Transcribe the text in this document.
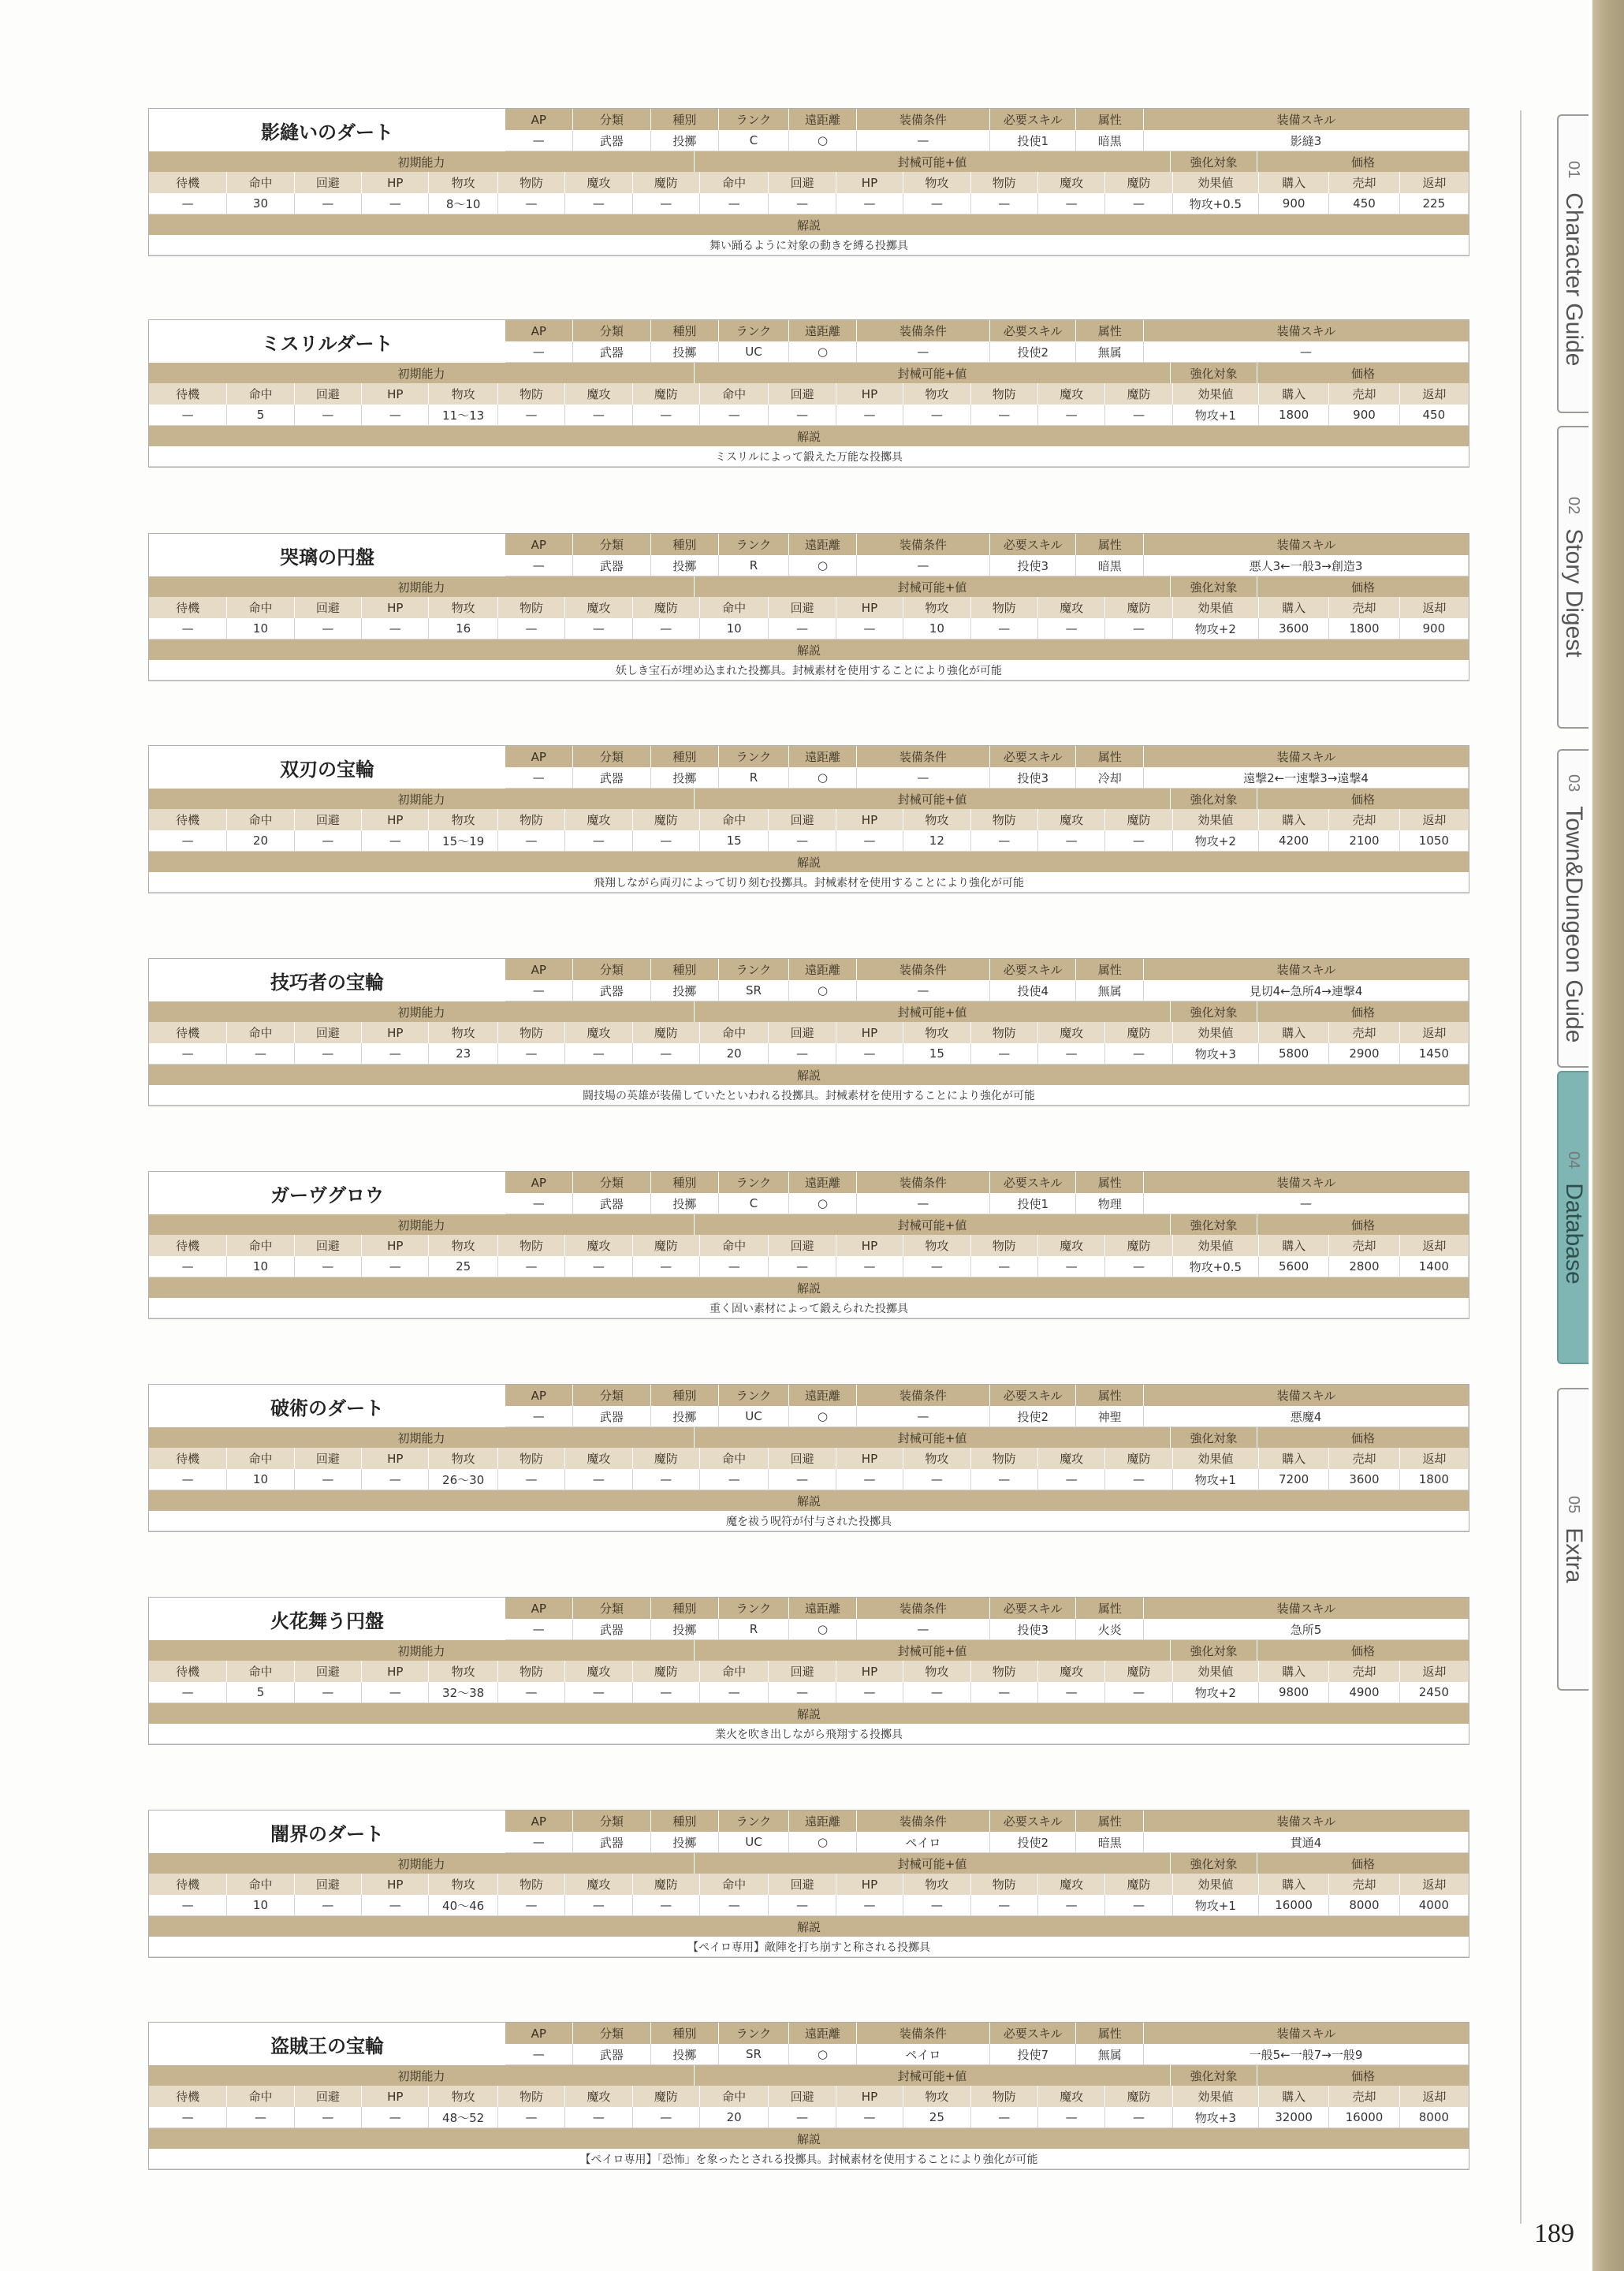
01Character Guide
02Story Digest
03Town&Dungeon Guide
04Database
05Extra
影縫いのダート
AP	分類	種別	ランク	遠距離	装備条件	必要スキル	属性	装備スキル
—	武器	投擲	C	○	—	投使1	暗黒	影縫3
初期能力	封械可能+値	強化対象	価格
待機	命中	回避	HP	物攻	物防	魔攻	魔防	命中	回避	HP	物攻	物防	魔攻	魔防	効果値	購入	売却	返却
—	30	—	—	8〜10	—	—	—	—	—	—	—	—	—	—	物攻+0.5	900	450	225
解説
舞い踊るように対象の動きを縛る投擲具
ミスリルダート
AP	分類	種別	ランク	遠距離	装備条件	必要スキル	属性	装備スキル
—	武器	投擲	UC	○	—	投使2	無属	—
初期能力	封械可能+値	強化対象	価格
待機	命中	回避	HP	物攻	物防	魔攻	魔防	命中	回避	HP	物攻	物防	魔攻	魔防	効果値	購入	売却	返却
—	5	—	—	11〜13	—	—	—	—	—	—	—	—	—	—	物攻+1	1800	900	450
解説
ミスリルによって鍛えた万能な投擲具
哭璃の円盤
AP	分類	種別	ランク	遠距離	装備条件	必要スキル	属性	装備スキル
—	武器	投擲	R	○	—	投使3	暗黒	悪人3←一般3→創造3
初期能力	封械可能+値	強化対象	価格
待機	命中	回避	HP	物攻	物防	魔攻	魔防	命中	回避	HP	物攻	物防	魔攻	魔防	効果値	購入	売却	返却
—	10	—	—	16	—	—	—	10	—	—	10	—	—	—	物攻+2	3600	1800	900
解説
妖しき宝石が埋め込まれた投擲具。封械素材を使用することにより強化が可能
双刃の宝輪
AP	分類	種別	ランク	遠距離	装備条件	必要スキル	属性	装備スキル
—	武器	投擲	R	○	—	投使3	冷却	遠撃2←一速撃3→遠撃4
初期能力	封械可能+値	強化対象	価格
待機	命中	回避	HP	物攻	物防	魔攻	魔防	命中	回避	HP	物攻	物防	魔攻	魔防	効果値	購入	売却	返却
—	20	—	—	15〜19	—	—	—	15	—	—	12	—	—	—	物攻+2	4200	2100	1050
解説
飛翔しながら両刃によって切り刻む投擲具。封械素材を使用することにより強化が可能
技巧者の宝輪
AP	分類	種別	ランク	遠距離	装備条件	必要スキル	属性	装備スキル
—	武器	投擲	SR	○	—	投使4	無属	見切4←急所4→連撃4
初期能力	封械可能+値	強化対象	価格
待機	命中	回避	HP	物攻	物防	魔攻	魔防	命中	回避	HP	物攻	物防	魔攻	魔防	効果値	購入	売却	返却
—	—	—	—	23	—	—	—	20	—	—	15	—	—	—	物攻+3	5800	2900	1450
解説
闘技場の英雄が装備していたといわれる投擲具。封械素材を使用することにより強化が可能
ガーヴグロウ
AP	分類	種別	ランク	遠距離	装備条件	必要スキル	属性	装備スキル
—	武器	投擲	C	○	—	投使1	物理	—
初期能力	封械可能+値	強化対象	価格
待機	命中	回避	HP	物攻	物防	魔攻	魔防	命中	回避	HP	物攻	物防	魔攻	魔防	効果値	購入	売却	返却
—	10	—	—	25	—	—	—	—	—	—	—	—	—	—	物攻+0.5	5600	2800	1400
解説
重く固い素材によって鍛えられた投擲具
破術のダート
AP	分類	種別	ランク	遠距離	装備条件	必要スキル	属性	装備スキル
—	武器	投擲	UC	○	—	投使2	神聖	悪魔4
初期能力	封械可能+値	強化対象	価格
待機	命中	回避	HP	物攻	物防	魔攻	魔防	命中	回避	HP	物攻	物防	魔攻	魔防	効果値	購入	売却	返却
—	10	—	—	26〜30	—	—	—	—	—	—	—	—	—	—	物攻+1	7200	3600	1800
解説
魔を祓う呪符が付与された投擲具
火花舞う円盤
AP	分類	種別	ランク	遠距離	装備条件	必要スキル	属性	装備スキル
—	武器	投擲	R	○	—	投使3	火炎	急所5
初期能力	封械可能+値	強化対象	価格
待機	命中	回避	HP	物攻	物防	魔攻	魔防	命中	回避	HP	物攻	物防	魔攻	魔防	効果値	購入	売却	返却
—	5	—	—	32〜38	—	—	—	—	—	—	—	—	—	—	物攻+2	9800	4900	2450
解説
業火を吹き出しながら飛翔する投擲具
闇界のダート
AP	分類	種別	ランク	遠距離	装備条件	必要スキル	属性	装備スキル
—	武器	投擲	UC	○	ペイロ	投使2	暗黒	貫通4
初期能力	封械可能+値	強化対象	価格
待機	命中	回避	HP	物攻	物防	魔攻	魔防	命中	回避	HP	物攻	物防	魔攻	魔防	効果値	購入	売却	返却
—	10	—	—	40〜46	—	—	—	—	—	—	—	—	—	—	物攻+1	16000	8000	4000
解説
【ペイロ専用】敵陣を打ち崩すと称される投擲具
盗賊王の宝輪
AP	分類	種別	ランク	遠距離	装備条件	必要スキル	属性	装備スキル
—	武器	投擲	SR	○	ペイロ	投使7	無属	一般5←一般7→一般9
初期能力	封械可能+値	強化対象	価格
待機	命中	回避	HP	物攻	物防	魔攻	魔防	命中	回避	HP	物攻	物防	魔攻	魔防	効果値	購入	売却	返却
—	—	—	—	48〜52	—	—	—	20	—	—	25	—	—	—	物攻+3	32000	16000	8000
解説
【ペイロ専用】「恐怖」を象ったとされる投擲具。封械素材を使用することにより強化が可能
189
